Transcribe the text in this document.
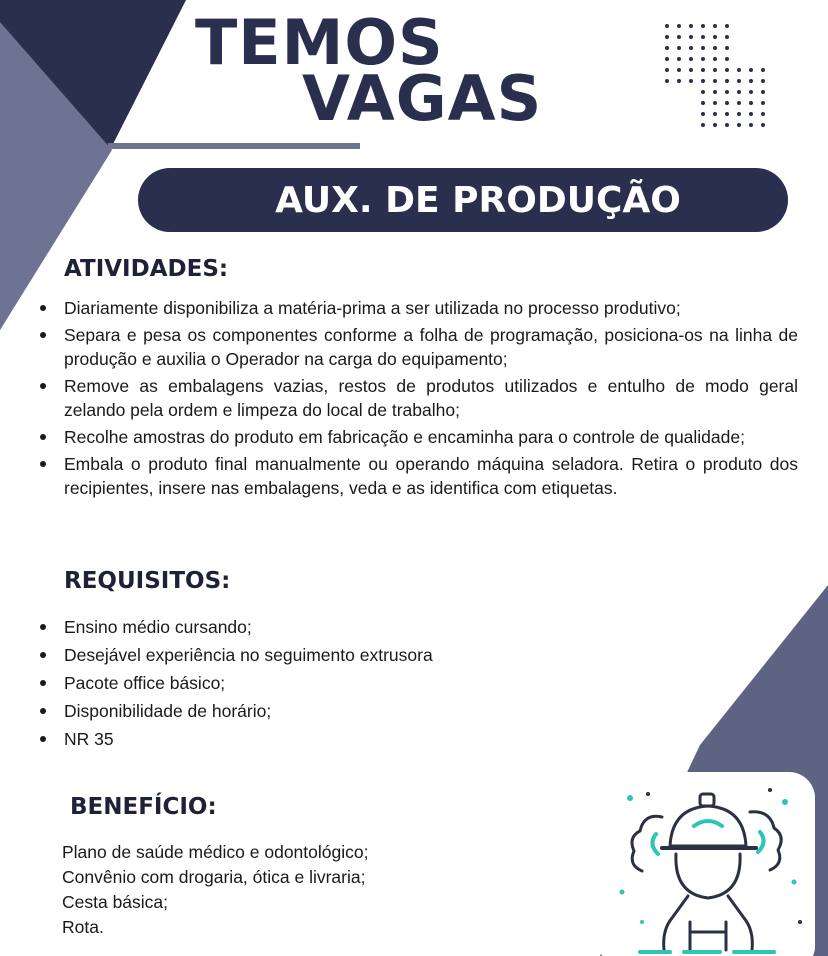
TEMOS
VAGAS
AUX. DE PRODUÇÃO
ATIVIDADES:
Diariamente disponibiliza a matéria-prima a ser utilizada no processo produtivo;
Separa e pesa os componentes conforme a folha de programação, posiciona-os na linha de produção e auxilia o Operador na carga do equipamento;
Remove as embalagens vazias, restos de produtos utilizados e entulho de modo geral zelando pela ordem e limpeza do local de trabalho;
Recolhe amostras do produto em fabricação e encaminha para o controle de qualidade;
Embala o produto final manualmente ou operando máquina seladora. Retira o produto dos recipientes, insere nas embalagens, veda e as identifica com etiquetas.
REQUISITOS:
Ensino médio cursando;
Desejável experiência no seguimento extrusora
Pacote office básico;
Disponibilidade de horário;
NR 35
BENEFÍCIO:
Plano de saúde médico e odontológico;
Convênio com drogaria, ótica e livraria;
Cesta básica;
Rota.
